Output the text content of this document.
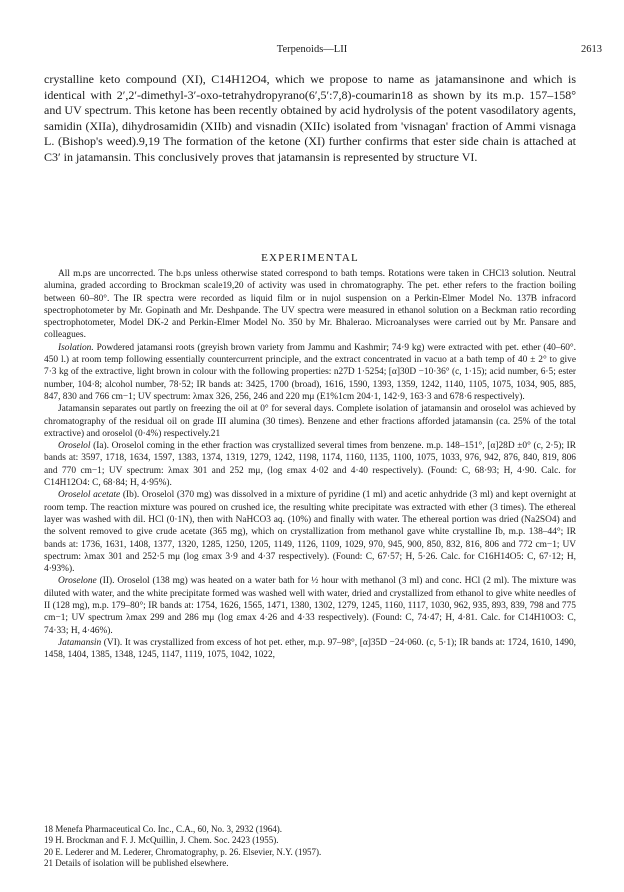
Terpenoids—LII	2613

crystalline keto compound (XI), C14H12O4, which we propose to name as jatamansinone and which is identical with 2′,2′-dimethyl-3′-oxo-tetrahydropyrano(6′,5′:7,8)-coumarin18 as shown by its m.p. 157–158° and UV spectrum. This ketone has been recently obtained by acid hydrolysis of the potent vasodilatory agents, samidin (XIIa), dihydrosamidin (XIIb) and visnadin (XIIc) isolated from 'visnagan' fraction of Ammi visnaga L. (Bishop's weed).9,19 The formation of the ketone (XI) further confirms that ester side chain is attached at C3′ in jatamansin. This conclusively proves that jatamansin is represented by structure VI.

EXPERIMENTAL

All m.ps are uncorrected. The b.ps unless otherwise stated correspond to bath temps. Rotations were taken in CHCl3 solution. Neutral alumina, graded according to Brockman scale19,20 of activity was used in chromatography. The pet. ether refers to the fraction boiling between 60–80°. The IR spectra were recorded as liquid film or in nujol suspension on a Perkin-Elmer Model No. 137B infracord spectrophotometer by Mr. Gopinath and Mr. Deshpande. The UV spectra were measured in ethanol solution on a Beckman ratio recording spectrophotometer, Model DK-2 and Perkin-Elmer Model No. 350 by Mr. Bhalerao. Microanalyses were carried out by Mr. Pansare and colleagues.

Isolation. Powdered jatamansi roots (greyish brown variety from Jammu and Kashmir; 74·9 kg) were extracted with pet. ether (40–60°. 450 l.) at room temp following essentially countercurrent principle, and the extract concentrated in vacuo at a bath temp of 40 ± 2° to give 7·3 kg of the extractive, light brown in colour with the following properties: n27D 1·5254; [α]30D −10·36° (c, 1·15); acid number, 6·5; ester number, 104·8; alcohol number, 78·52; IR bands at: 3425, 1700 (broad), 1616, 1590, 1393, 1359, 1242, 1140, 1105, 1075, 1034, 905, 885, 847, 830 and 766 cm−1; UV spectrum: λmax 326, 256, 246 and 220 mμ (E1%1cm 204·1, 142·9, 163·3 and 678·6 respectively).

Jatamansin separates out partly on freezing the oil at 0° for several days. Complete isolation of jatamansin and oroselol was achieved by chromatography of the residual oil on grade III alumina (30 times). Benzene and ether fractions afforded jatamansin (ca. 25% of the total extractive) and oroselol (0·4%) respectively.21

Oroselol (Ia). Oroselol coming in the ether fraction was crystallized several times from benzene. m.p. 148–151°, [α]28D ±0° (c, 2·5); IR bands at: 3597, 1718, 1634, 1597, 1383, 1374, 1319, 1279, 1242, 1198, 1174, 1160, 1135, 1100, 1075, 1033, 976, 942, 876, 840, 819, 806 and 770 cm−1; UV spectrum: λmax 301 and 252 mμ, (log εmax 4·02 and 4·40 respectively). (Found: C, 68·93; H, 4·90. Calc. for C14H12O4: C, 68·84; H, 4·95%).

Oroselol acetate (Ib). Oroselol (370 mg) was dissolved in a mixture of pyridine (1 ml) and acetic anhydride (3 ml) and kept overnight at room temp. The reaction mixture was poured on crushed ice, the resulting white precipitate was extracted with ether (3 times). The ethereal layer was washed with dil. HCl (0·1N), then with NaHCO3 aq. (10%) and finally with water. The ethereal portion was dried (Na2SO4) and the solvent removed to give crude acetate (365 mg), which on crystallization from methanol gave white crystalline Ib, m.p. 138–44°; IR bands at: 1736, 1631, 1408, 1377, 1320, 1285, 1250, 1205, 1149, 1126, 1109, 1029, 970, 945, 900, 850, 832, 816, 806 and 772 cm−1; UV spectrum: λmax 301 and 252·5 mμ (log εmax 3·9 and 4·37 respectively). (Found: C, 67·57; H, 5·26. Calc. for C16H14O5: C, 67·12; H, 4·93%).

Oroselone (II). Oroselol (138 mg) was heated on a water bath for ½ hour with methanol (3 ml) and conc. HCl (2 ml). The mixture was diluted with water, and the white precipitate formed was washed well with water, dried and crystallized from ethanol to give white needles of II (128 mg), m.p. 179–80°; IR bands at: 1754, 1626, 1565, 1471, 1380, 1302, 1279, 1245, 1160, 1117, 1030, 962, 935, 893, 839, 798 and 775 cm−1; UV spectrum λmax 299 and 286 mμ (log εmax 4·26 and 4·33 respectively). (Found: C, 74·47; H, 4·81. Calc. for C14H10O3: C, 74·33; H, 4·46%).

Jatamansin (VI). It was crystallized from excess of hot pet. ether, m.p. 97–98°, [α]35D −24·060. (c, 5·1); IR bands at: 1724, 1610, 1490, 1458, 1404, 1385, 1348, 1245, 1147, 1119, 1075, 1042, 1022,

18 Menefa Pharmaceutical Co. Inc., C.A., 60, No. 3, 2932 (1964).
19 H. Brockman and F. J. McQuillin, J. Chem. Soc. 2423 (1955).
20 E. Lederer and M. Lederer, Chromatography, p. 26. Elsevier, N.Y. (1957).
21 Details of isolation will be published elsewhere.
